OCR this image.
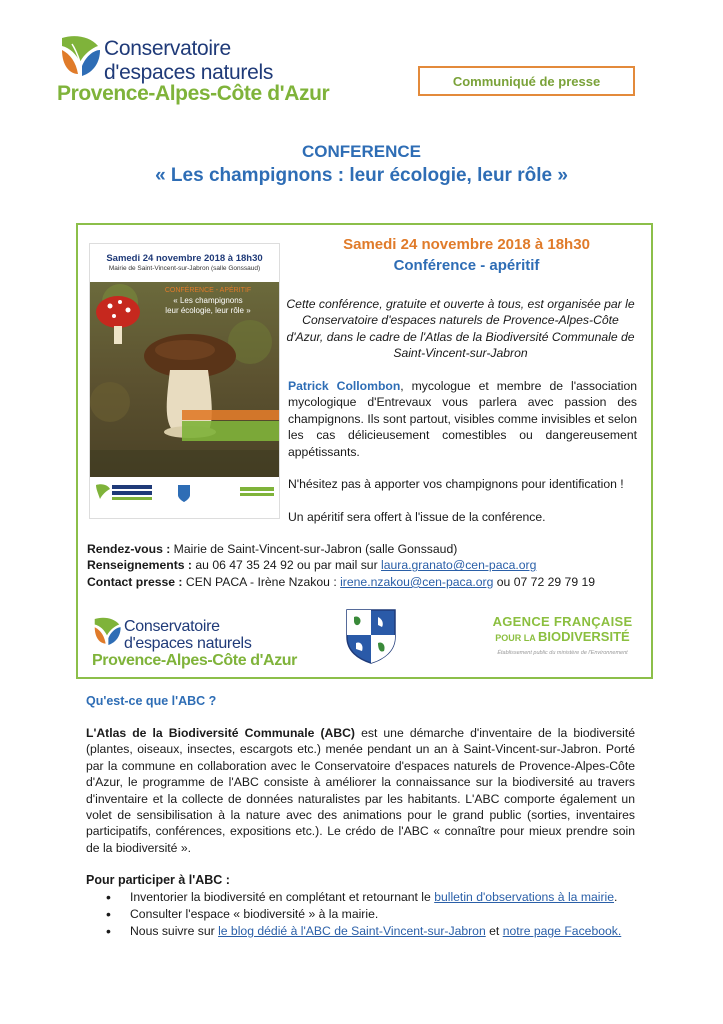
Conservatoire
d'espaces naturels
Provence-Alpes-Côte d'Azur
Communiqué de presse
CONFERENCE
« Les champignons : leur écologie, leur rôle »
Samedi 24 novembre 2018 à 18h30
Mairie de Saint-Vincent-sur-Jabron (salle Gonssaud)
CONFÉRENCE - APÉRITIF
« Les champignons
leur écologie, leur rôle »
Samedi 24 novembre 2018 à 18h30
Conférence - apéritif
Cette conférence, gratuite et ouverte à tous, est organisée par le Conservatoire d'espaces naturels de Provence-Alpes-Côte d'Azur, dans le cadre de l'Atlas de la Biodiversité Communale de Saint-Vincent-sur-Jabron
Patrick Collombon, mycologue et membre de l'association mycologique d'Entrevaux vous parlera avec passion des champignons. Ils sont partout, visibles comme invisibles et selon les cas délicieusement comestibles ou dangereusement appétissants.
N'hésitez pas à apporter vos champignons pour identification !
Un apéritif sera offert à l'issue de la conférence.
Rendez-vous : Mairie de Saint-Vincent-sur-Jabron (salle Gonssaud)
Renseignements : au 06 47 35 24 92 ou par mail sur laura.granato@cen-paca.org
Contact presse : CEN PACA - Irène Nzakou : irene.nzakou@cen-paca.org ou 07 72 29 79 19
Conservatoire
d'espaces naturels
Provence-Alpes-Côte d'Azur
AGENCE FRANÇAISE
POUR LA BIODIVERSITÉ
Établissement public du ministère de l'Environnement
Qu'est-ce que l'ABC ?
L'Atlas de la Biodiversité Communale (ABC) est une démarche d'inventaire de la biodiversité (plantes, oiseaux, insectes, escargots etc.) menée pendant un an à Saint-Vincent-sur-Jabron. Porté par la commune en collaboration avec le Conservatoire d'espaces naturels de Provence-Alpes-Côte d'Azur, le programme de l'ABC consiste à améliorer la connaissance sur la biodiversité au travers d'inventaire et la collecte de données naturalistes par les habitants. L'ABC comporte également un volet de sensibilisation à la nature avec des animations pour le grand public (sorties, inventaires participatifs, conférences, expositions etc.). Le crédo de l'ABC « connaître pour mieux prendre soin de la biodiversité ».
Pour participer à l'ABC :
• Inventorier la biodiversité en complétant et retournant le bulletin d'observations à la mairie.
• Consulter l'espace « biodiversité » à la mairie.
• Nous suivre sur le blog dédié à l'ABC de Saint-Vincent-sur-Jabron et notre page Facebook.
